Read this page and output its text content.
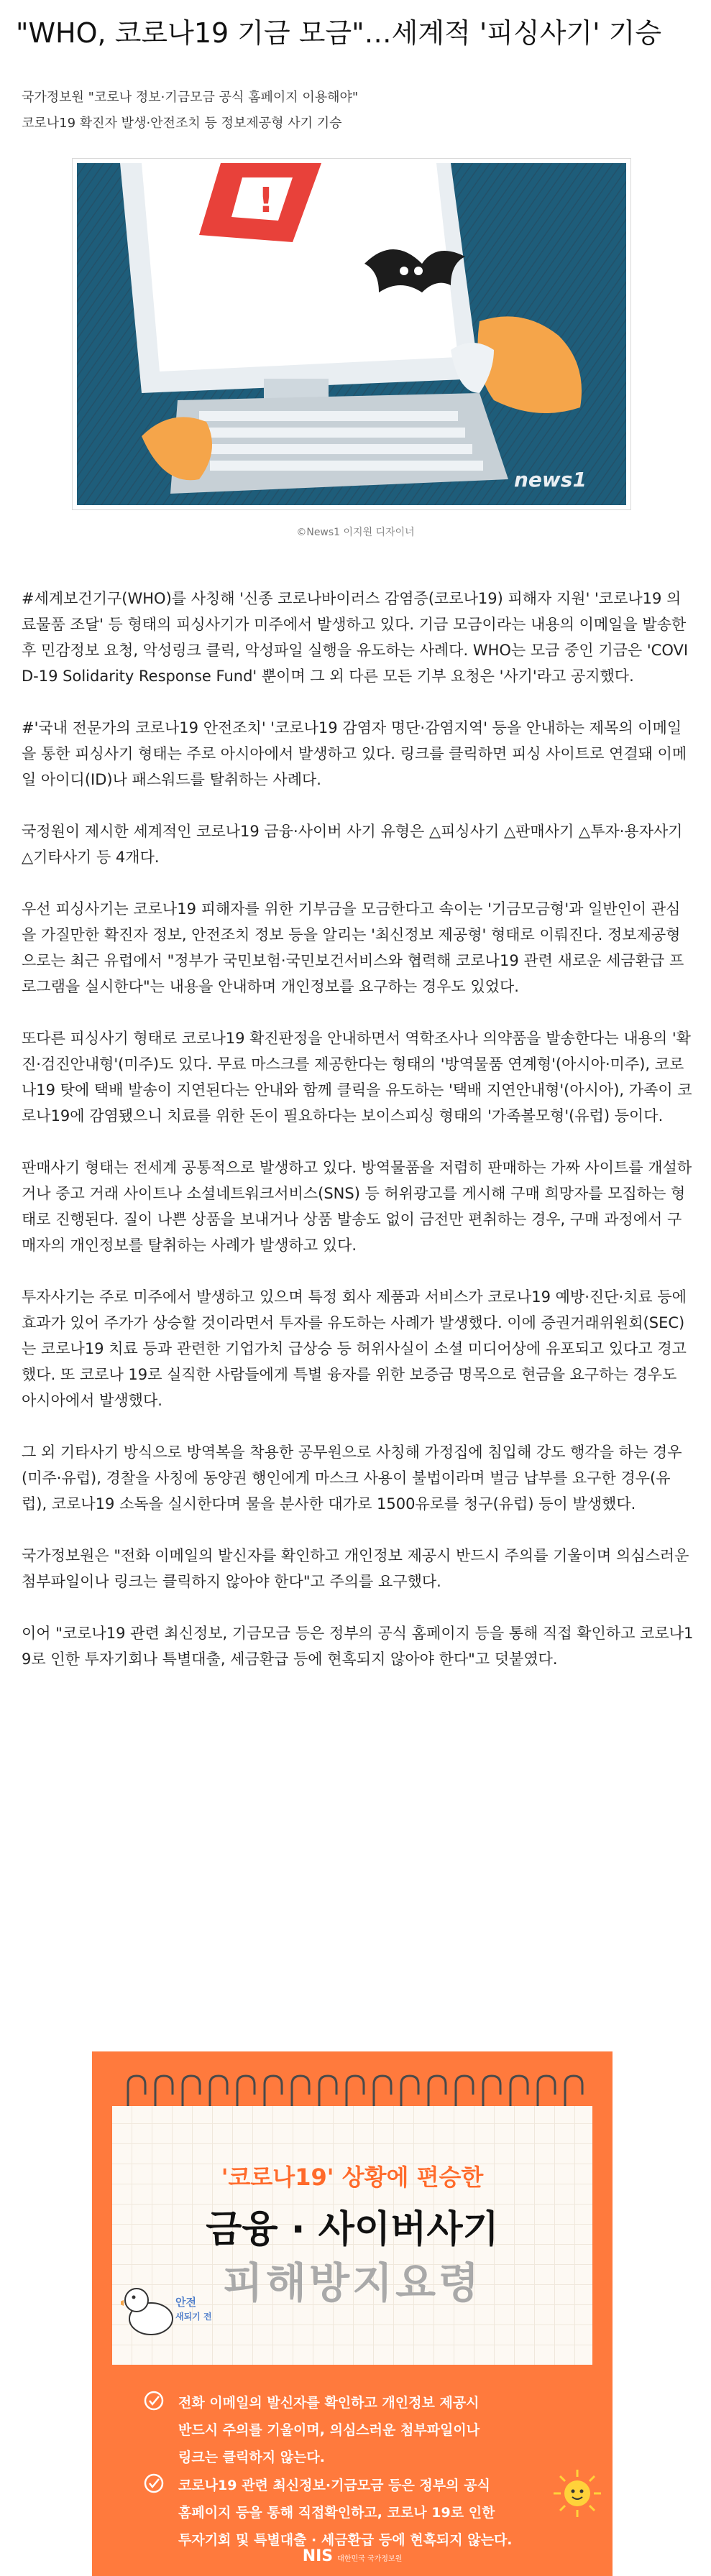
"WHO, 코로나19 기금 모금"…세계적 '피싱사기' 기승
국가정보원 "코로나 정보·기금모금 공식 홈페이지 이용해야"
코로나19 확진자 발생·안전조치 등 정보제공형 사기 기승
!
news1
©News1 이지원 디자이너

#세계보건기구(WHO)를 사칭해 '신종 코로나바이러스 감염증(코로나19) 피해자 지원' '코로나19 의료물품 조달' 등 형태의 피싱사기가 미주에서 발생하고 있다. 기금 모금이라는 내용의 이메일을 발송한 후 민감정보 요청, 악성링크 클릭, 악성파일 실행을 유도하는 사례다. WHO는 모금 중인 기금은 'COVID-19 Solidarity Response Fund' 뿐이며 그 외 다른 모든 기부 요청은 '사기'라고 공지했다.

#'국내 전문가의 코로나19 안전조치' '코로나19 감염자 명단·감염지역' 등을 안내하는 제목의 이메일을 통한 피싱사기 형태는 주로 아시아에서 발생하고 있다. 링크를 클릭하면 피싱 사이트로 연결돼 이메일 아이디(ID)나 패스워드를 탈취하는 사례다.

국정원이 제시한 세계적인 코로나19 금융·사이버 사기 유형은 △피싱사기 △판매사기 △투자·용자사기 △기타사기 등 4개다.

우선 피싱사기는 코로나19 피해자를 위한 기부금을 모금한다고 속이는 '기금모금형'과 일반인이 관심을 가질만한 확진자 정보, 안전조치 정보 등을 알리는 '최신정보 제공형' 형태로 이뤄진다. 정보제공형으로는 최근 유럽에서 "정부가 국민보험·국민보건서비스와 협력해 코로나19 관련 새로운 세금환급 프로그램을 실시한다"는 내용을 안내하며 개인정보를 요구하는 경우도 있었다.

또다른 피싱사기 형태로 코로나19 확진판정을 안내하면서 역학조사나 의약품을 발송한다는 내용의 '확진·검진안내형'(미주)도 있다. 무료 마스크를 제공한다는 형태의 '방역물품 연계형'(아시아·미주), 코로나19 탓에 택배 발송이 지연된다는 안내와 함께 클릭을 유도하는 '택배 지연안내형'(아시아), 가족이 코로나19에 감염됐으니 치료를 위한 돈이 필요하다는 보이스피싱 형태의 '가족볼모형'(유럽) 등이다.

판매사기 형태는 전세계 공통적으로 발생하고 있다. 방역물품을 저렴히 판매하는 가짜 사이트를 개설하거나 중고 거래 사이트나 소셜네트워크서비스(SNS) 등 허위광고를 게시해 구매 희망자를 모집하는 형태로 진행된다. 질이 나쁜 상품을 보내거나 상품 발송도 없이 금전만 편취하는 경우, 구매 과정에서 구매자의 개인정보를 탈취하는 사례가 발생하고 있다.

투자사기는 주로 미주에서 발생하고 있으며 특정 회사 제품과 서비스가 코로나19 예방·진단·치료 등에 효과가 있어 주가가 상승할 것이라면서 투자를 유도하는 사례가 발생했다. 이에 증권거래위원회(SEC)는 코로나19 치료 등과 관련한 기업가치 급상승 등 허위사실이 소셜 미디어상에 유포되고 있다고 경고했다. 또 코로나 19로 실직한 사람들에게 특별 융자를 위한 보증금 명목으로 현금을 요구하는 경우도 아시아에서 발생했다.

그 외 기타사기 방식으로 방역복을 착용한 공무원으로 사칭해 가정집에 침입해 강도 행각을 하는 경우(미주·유럽), 경찰을 사칭에 동양권 행인에게 마스크 사용이 불법이라며 벌금 납부를 요구한 경우(유럽), 코로나19 소독을 실시한다며 물을 분사한 대가로 1500유로를 청구(유럽) 등이 발생했다.

국가정보원은 "전화 이메일의 발신자를 확인하고 개인정보 제공시 반드시 주의를 기울이며 의심스러운 첨부파일이나 링크는 클릭하지 않아야 한다"고 주의를 요구했다.

이어 "코로나19 관련 최신정보, 기금모금 등은 정부의 공식 홈페이지 등을 통해 직접 확인하고 코로나19로 인한 투자기회나 특별대출, 세금환급 등에 현혹되지 않아야 한다"고 덧붙였다.

'코로나19' 상황에 편승한
금융 · 사이버사기
피해방지요령
안전
새되기 전
전화 이메일의 발신자를 확인하고 개인정보 제공시
반드시 주의를 기울이며, 의심스러운 첨부파일이나
링크는 클릭하지 않는다.
코로나19 관련 최신정보·기금모금 등은 정부의 공식
홈페이지 등을 통해 직접확인하고, 코로나 19로 인한
투자기회 및 특별대출 · 세금환급 등에 현혹되지 않는다.
NIS 대한민국 국가정보원
